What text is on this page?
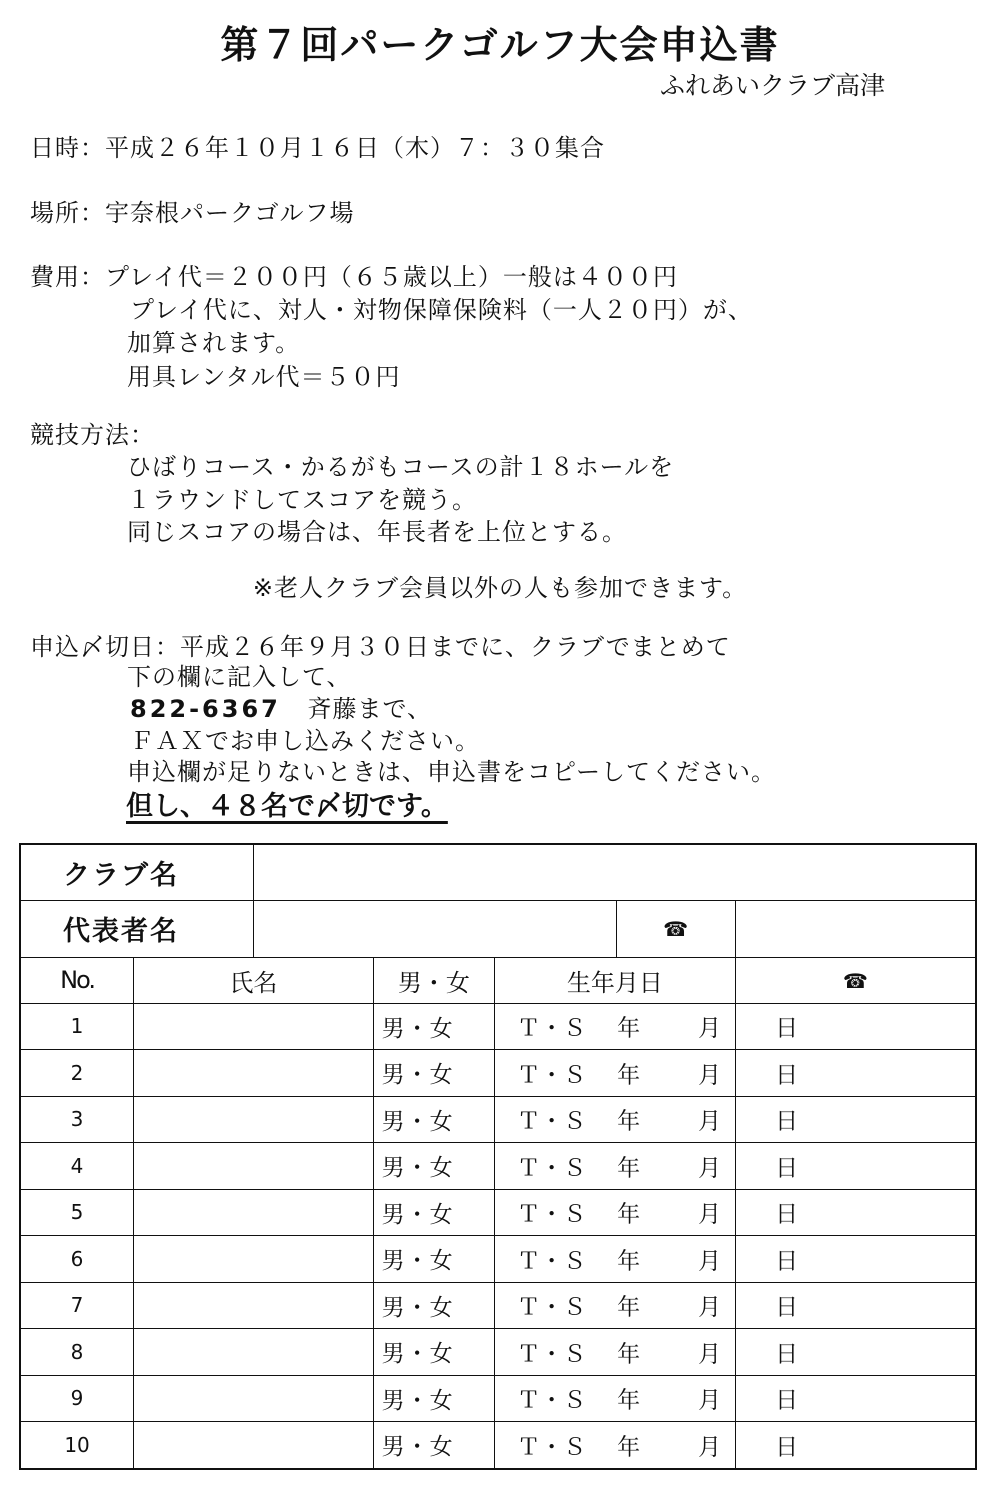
第７回パークゴルフ大会申込書
ふれあいクラブ高津
日時：平成２６年１０月１６日（木）７：３０集合
場所：宇奈根パークゴルフ場
費用：プレイ代＝２００円（６５歳以上）一般は４００円
プレイ代に、対人・対物保障保険料（一人２０円）が、
加算されます。
用具レンタル代＝５０円
競技方法：
ひばりコース・かるがもコースの計１８ホールを
１ラウンドしてスコアを競う。
同じスコアの場合は、年長者を上位とする。
※老人クラブ会員以外の人も参加できます。
申込〆切日：平成２６年９月３０日までに、クラブでまとめて
下の欄に記入して、
822-6367 斉藤まで、
ＦＡＸでお申し込みください。
申込欄が足りないときは、申込書をコピーしてください。
但し、４８名で〆切です。
クラブ名						
代表者名					☎	
No.	氏名		男・女	生年月日		☎
1			男・女	Ｔ・Ｓ 年 月 日		

2			男・女	Ｔ・Ｓ 年 月 日		

3			男・女	Ｔ・Ｓ 年 月 日		

4			男・女	Ｔ・Ｓ 年 月 日		

5			男・女	Ｔ・Ｓ 年 月 日		

6			男・女	Ｔ・Ｓ 年 月 日		

7			男・女	Ｔ・Ｓ 年 月 日		

8			男・女	Ｔ・Ｓ 年 月 日		

9			男・女	Ｔ・Ｓ 年 月 日		

10			男・女	Ｔ・Ｓ 年 月 日		
